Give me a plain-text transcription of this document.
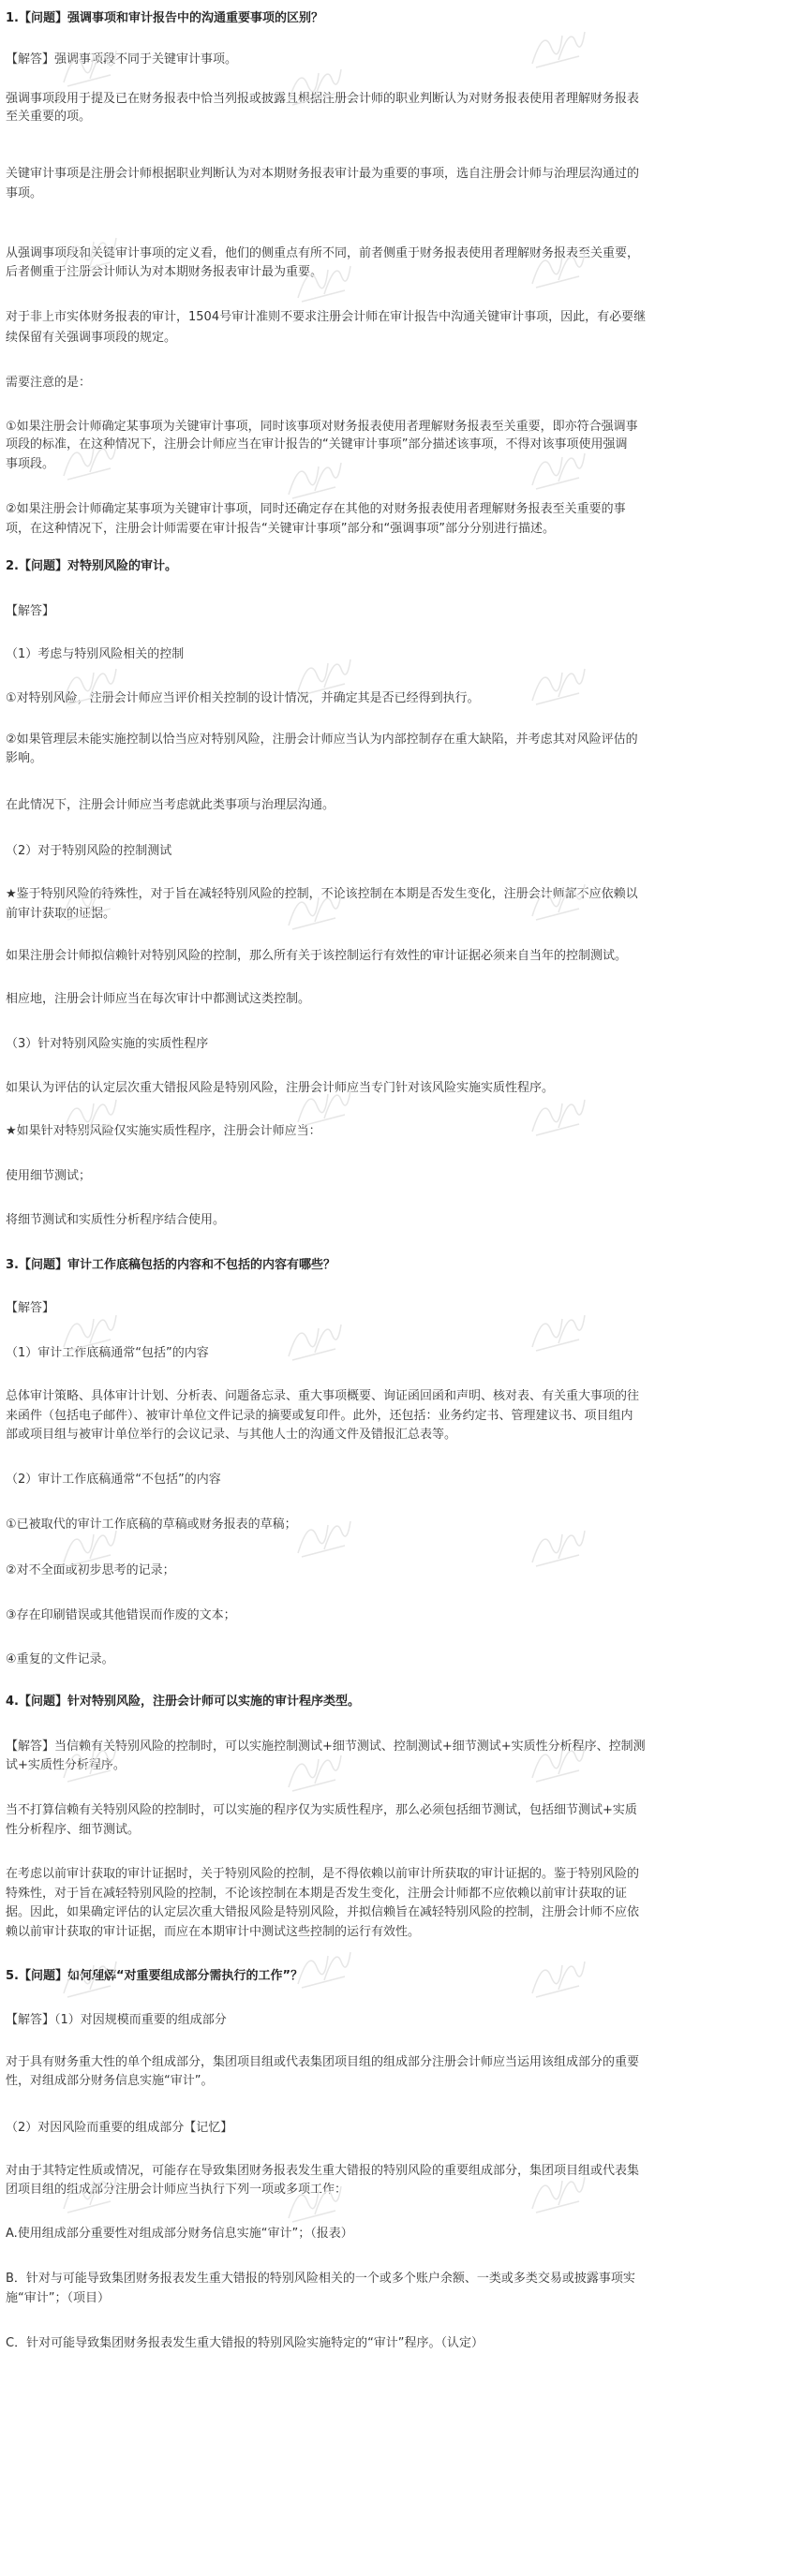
1.【问题】强调事项和审计报告中的沟通重要事项的区别？
【解答】强调事项段不同于关键审计事项。
强调事项段用于提及已在财务报表中恰当列报或披露且根据注册会计师的职业判断认为对财务报表使用者理解财务报表
至关重要的项。
关键审计事项是注册会计师根据职业判断认为对本期财务报表审计最为重要的事项，选自注册会计师与治理层沟通过的
事项。
从强调事项段和关键审计事项的定义看，他们的侧重点有所不同，前者侧重于财务报表使用者理解财务报表至关重要，
后者侧重于注册会计师认为对本期财务报表审计最为重要。
对于非上市实体财务报表的审计，1504号审计准则不要求注册会计师在审计报告中沟通关键审计事项，因此，有必要继
续保留有关强调事项段的规定。
需要注意的是：
①如果注册会计师确定某事项为关键审计事项，同时该事项对财务报表使用者理解财务报表至关重要，即亦符合强调事
项段的标准，在这种情况下，注册会计师应当在审计报告的“关键审计事项”部分描述该事项，不得对该事项使用强调
事项段。
②如果注册会计师确定某事项为关键审计事项，同时还确定存在其他的对财务报表使用者理解财务报表至关重要的事
项，在这种情况下，注册会计师需要在审计报告“关键审计事项”部分和“强调事项”部分分别进行描述。
2.【问题】对特别风险的审计。
【解答】
（1）考虑与特别风险相关的控制
①对特别风险，注册会计师应当评价相关控制的设计情况，并确定其是否已经得到执行。
②如果管理层未能实施控制以恰当应对特别风险，注册会计师应当认为内部控制存在重大缺陷，并考虑其对风险评估的
影响。
在此情况下，注册会计师应当考虑就此类事项与治理层沟通。
（2）对于特别风险的控制测试
★鉴于特别风险的特殊性，对于旨在减轻特别风险的控制，不论该控制在本期是否发生变化，注册会计师都不应依赖以
前审计获取的证据。
如果注册会计师拟信赖针对特别风险的控制，那么所有关于该控制运行有效性的审计证据必须来自当年的控制测试。
相应地，注册会计师应当在每次审计中都测试这类控制。
（3）针对特别风险实施的实质性程序
如果认为评估的认定层次重大错报风险是特别风险，注册会计师应当专门针对该风险实施实质性程序。
★如果针对特别风险仅实施实质性程序，注册会计师应当：
使用细节测试；
将细节测试和实质性分析程序结合使用。
3.【问题】审计工作底稿包括的内容和不包括的内容有哪些？
【解答】
（1）审计工作底稿通常“包括”的内容
总体审计策略、具体审计计划、分析表、问题备忘录、重大事项概要、询证函回函和声明、核对表、有关重大事项的往
来函件（包括电子邮件）、被审计单位文件记录的摘要或复印件。此外，还包括：业务约定书、管理建议书、项目组内
部或项目组与被审计单位举行的会议记录、与其他人士的沟通文件及错报汇总表等。
（2）审计工作底稿通常“不包括”的内容
①已被取代的审计工作底稿的草稿或财务报表的草稿；
②对不全面或初步思考的记录；
③存在印刷错误或其他错误而作废的文本；
④重复的文件记录。
4.【问题】针对特别风险，注册会计师可以实施的审计程序类型。
【解答】当信赖有关特别风险的控制时，可以实施控制测试+细节测试、控制测试+细节测试+实质性分析程序、控制测
试+实质性分析程序。
当不打算信赖有关特别风险的控制时，可以实施的程序仅为实质性程序，那么必须包括细节测试，包括细节测试+实质
性分析程序、细节测试。
在考虑以前审计获取的审计证据时，关于特别风险的控制，是不得依赖以前审计所获取的审计证据的。鉴于特别风险的
特殊性，对于旨在减轻特别风险的控制，不论该控制在本期是否发生变化，注册会计师都不应依赖以前审计获取的证
据。因此，如果确定评估的认定层次重大错报风险是特别风险，并拟信赖旨在减轻特别风险的控制，注册会计师不应依
赖以前审计获取的审计证据，而应在本期审计中测试这些控制的运行有效性。
5.【问题】如何理解“对重要组成部分需执行的工作”？
【解答】（1）对因规模而重要的组成部分
对于具有财务重大性的单个组成部分，集团项目组或代表集团项目组的组成部分注册会计师应当运用该组成部分的重要
性，对组成部分财务信息实施“审计”。
（2）对因风险而重要的组成部分【记忆】
对由于其特定性质或情况，可能存在导致集团财务报表发生重大错报的特别风险的重要组成部分，集团项目组或代表集
团项目组的组成部分注册会计师应当执行下列一项或多项工作：
A.使用组成部分重要性对组成部分财务信息实施“审计”；（报表）
B．针对与可能导致集团财务报表发生重大错报的特别风险相关的一个或多个账户余额、一类或多类交易或披露事项实
施“审计”；（项目）
C．针对可能导致集团财务报表发生重大错报的特别风险实施特定的“审计”程序。（认定）
